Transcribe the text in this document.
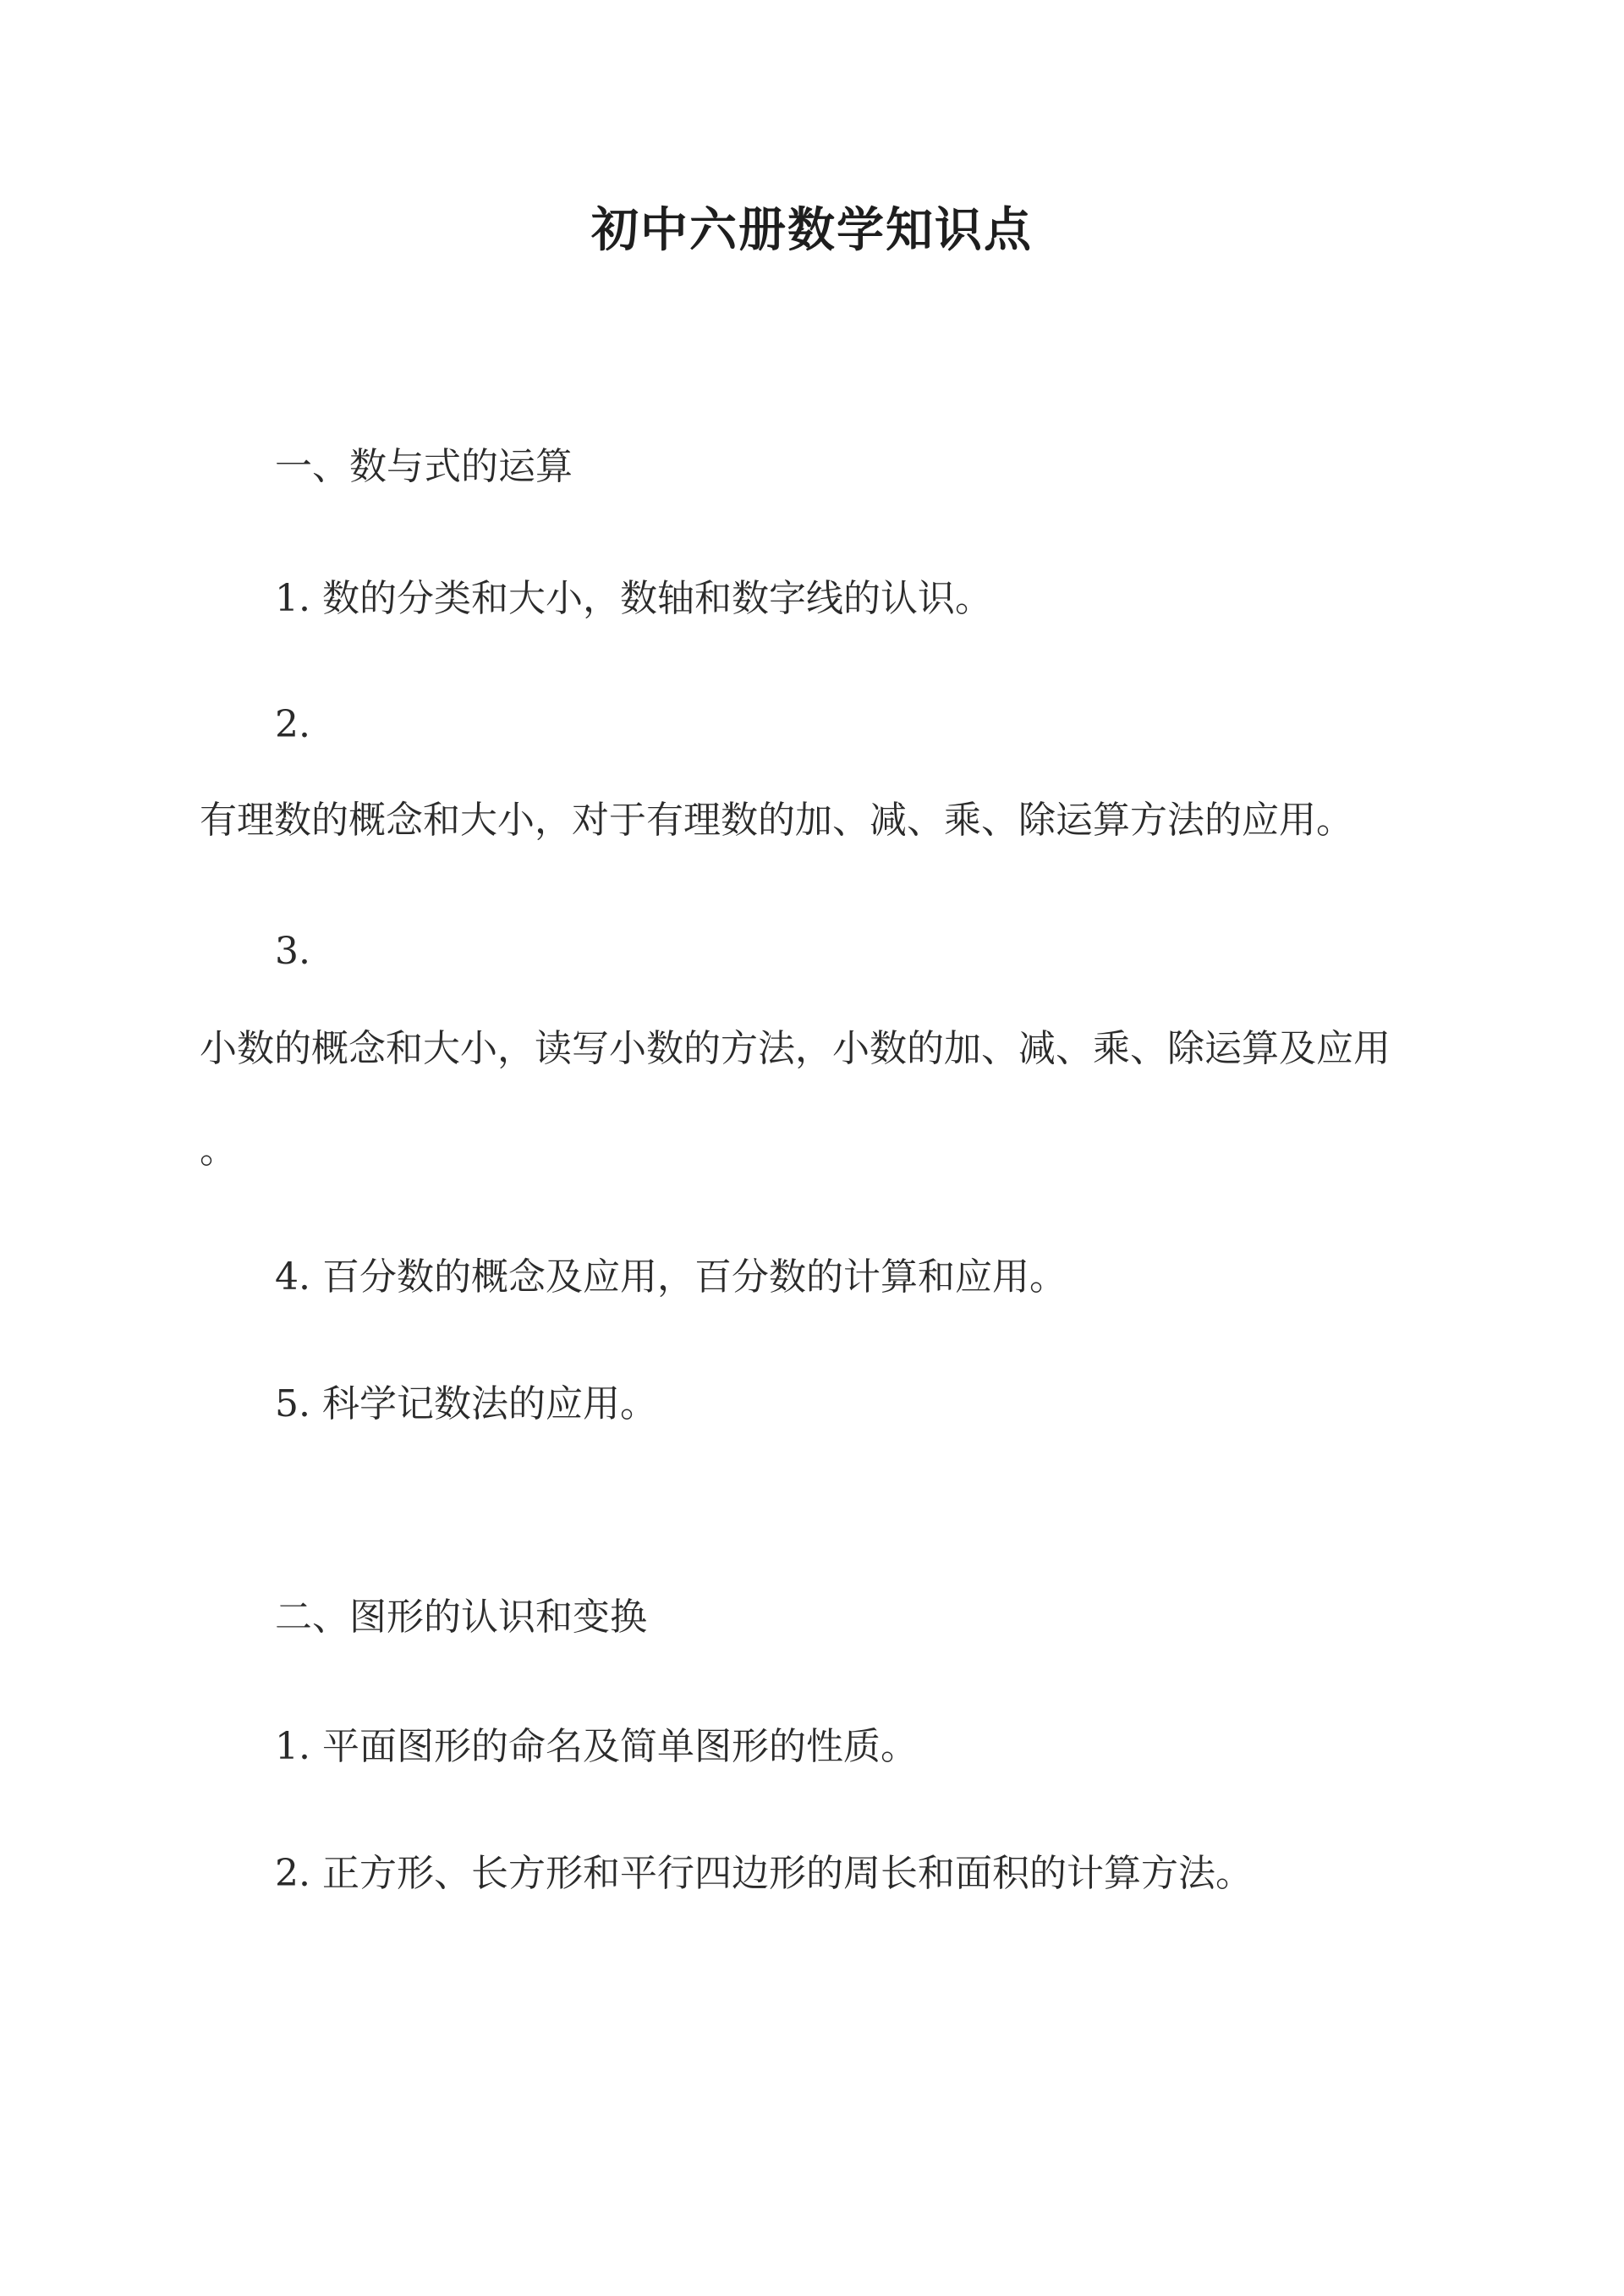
初中六册数学知识点
一、数与式的运算
1. 数的分类和大小，数轴和数字线的认识。
2.
有理数的概念和大小，对于有理数的加、减、乘、除运算方法的应用。
3.
小数的概念和大小，读写小数的方法，小数的加、减、乘、除运算及应用
。
4. 百分数的概念及应用，百分数的计算和应用。
5. 科学记数法的应用。
二、图形的认识和变换
1. 平面图形的命名及简单图形的性质。
2. 正方形、长方形和平行四边形的周长和面积的计算方法。
